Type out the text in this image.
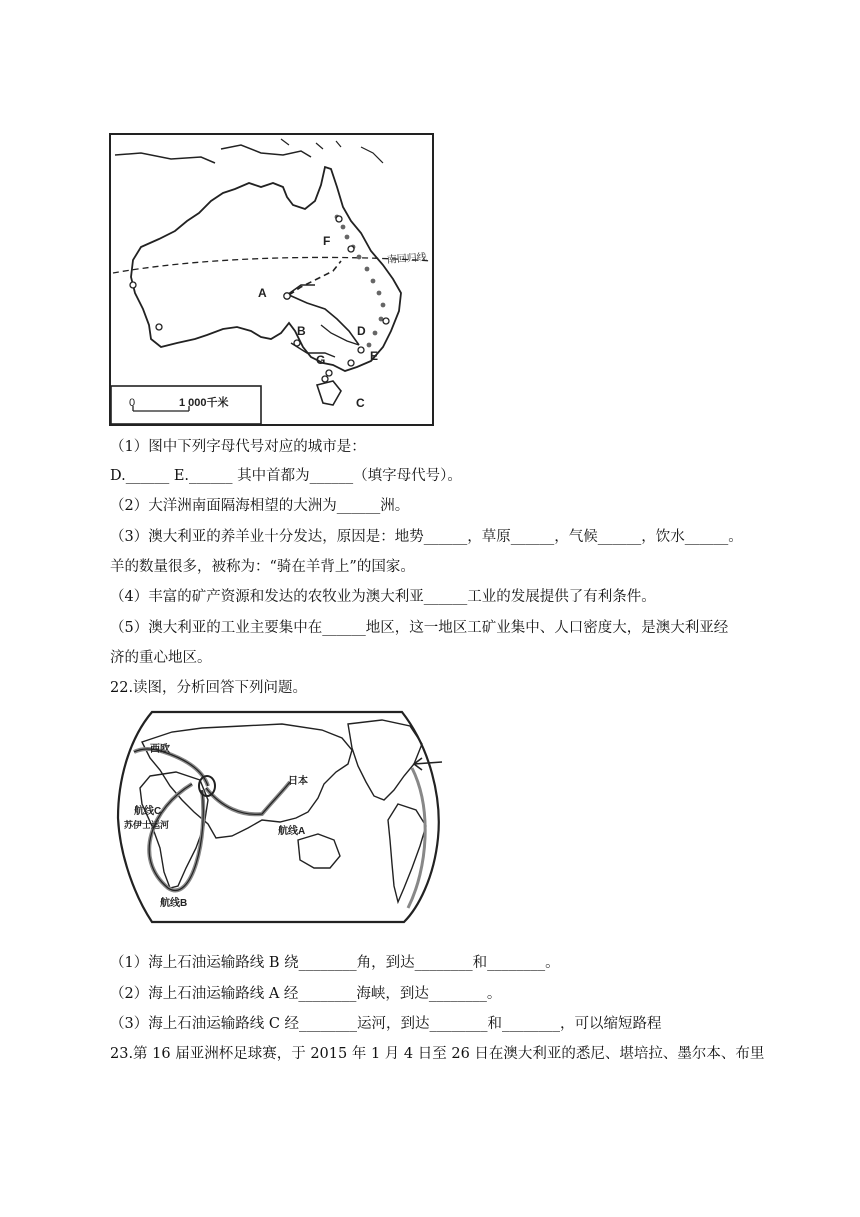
南回归线
A
B
C
D
E
F
G
0	1 000千米
（1）图中下列字母代号对应的城市是：
D.______ E.______ 其中首都为______（填字母代号）。
（2）大洋洲南面隔海相望的大洲为______洲。
（3）澳大利亚的养羊业十分发达，原因是：地势______，草原______，气候______，饮水______。
羊的数量很多，被称为：“骑在羊背上”的国家。
（4）丰富的矿产资源和发达的农牧业为澳大利亚______工业的发展提供了有利条件。
（5）澳大利亚的工业主要集中在______地区，这一地区工矿业集中、人口密度大，是澳大利亚经
济的重心地区。
22.读图，分析回答下列问题。
西欧
航线C
苏伊士运河
日本
航线A
航线B
（1）海上石油运输路线 B 绕________角，到达________和________。
（2）海上石油运输路线 A 经________海峡，到达________。
（3）海上石油运输路线 C 经________运河，到达________和________，可以缩短路程
23.第 16 届亚洲杯足球赛，于 2015 年 1 月 4 日至 26 日在澳大利亚的悉尼、堪培拉、墨尔本、布里
